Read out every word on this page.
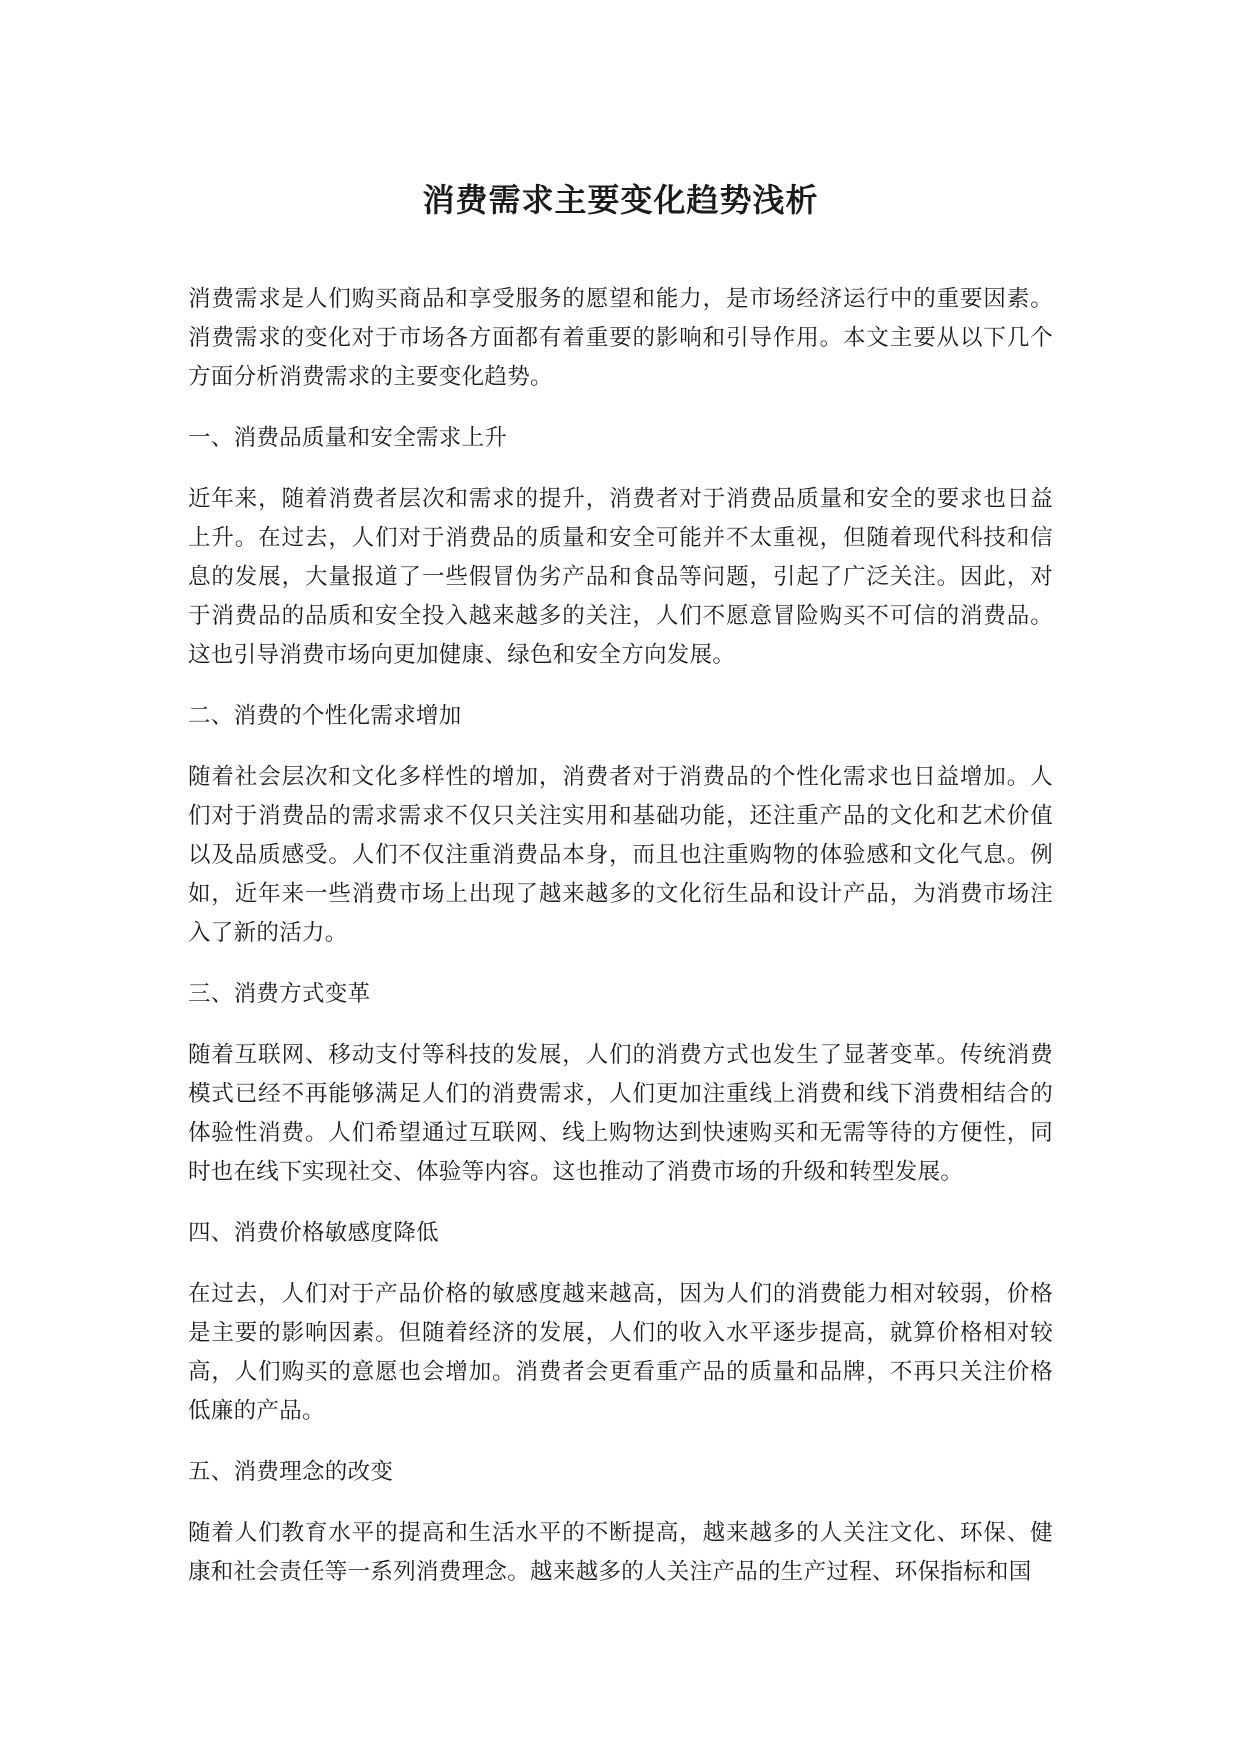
消费需求主要变化趋势浅析

消费需求是人们购买商品和享受服务的愿望和能力，是市场经济运行中的重要因素。消费需求的变化对于市场各方面都有着重要的影响和引导作用。本文主要从以下几个方面分析消费需求的主要变化趋势。

一、消费品质量和安全需求上升

近年来，随着消费者层次和需求的提升，消费者对于消费品质量和安全的要求也日益上升。在过去，人们对于消费品的质量和安全可能并不太重视，但随着现代科技和信息的发展，大量报道了一些假冒伪劣产品和食品等问题，引起了广泛关注。因此，对于消费品的品质和安全投入越来越多的关注，人们不愿意冒险购买不可信的消费品。这也引导消费市场向更加健康、绿色和安全方向发展。

二、消费的个性化需求增加

随着社会层次和文化多样性的增加，消费者对于消费品的个性化需求也日益增加。人们对于消费品的需求需求不仅只关注实用和基础功能，还注重产品的文化和艺术价值以及品质感受。人们不仅注重消费品本身，而且也注重购物的体验感和文化气息。例如，近年来一些消费市场上出现了越来越多的文化衍生品和设计产品，为消费市场注入了新的活力。

三、消费方式变革

随着互联网、移动支付等科技的发展，人们的消费方式也发生了显著变革。传统消费模式已经不再能够满足人们的消费需求，人们更加注重线上消费和线下消费相结合的体验性消费。人们希望通过互联网、线上购物达到快速购买和无需等待的方便性，同时也在线下实现社交、体验等内容。这也推动了消费市场的升级和转型发展。

四、消费价格敏感度降低

在过去，人们对于产品价格的敏感度越来越高，因为人们的消费能力相对较弱，价格是主要的影响因素。但随着经济的发展，人们的收入水平逐步提高，就算价格相对较高，人们购买的意愿也会增加。消费者会更看重产品的质量和品牌，不再只关注价格低廉的产品。

五、消费理念的改变

随着人们教育水平的提高和生活水平的不断提高，越来越多的人关注文化、环保、健康和社会责任等一系列消费理念。越来越多的人关注产品的生产过程、环保指标和国
